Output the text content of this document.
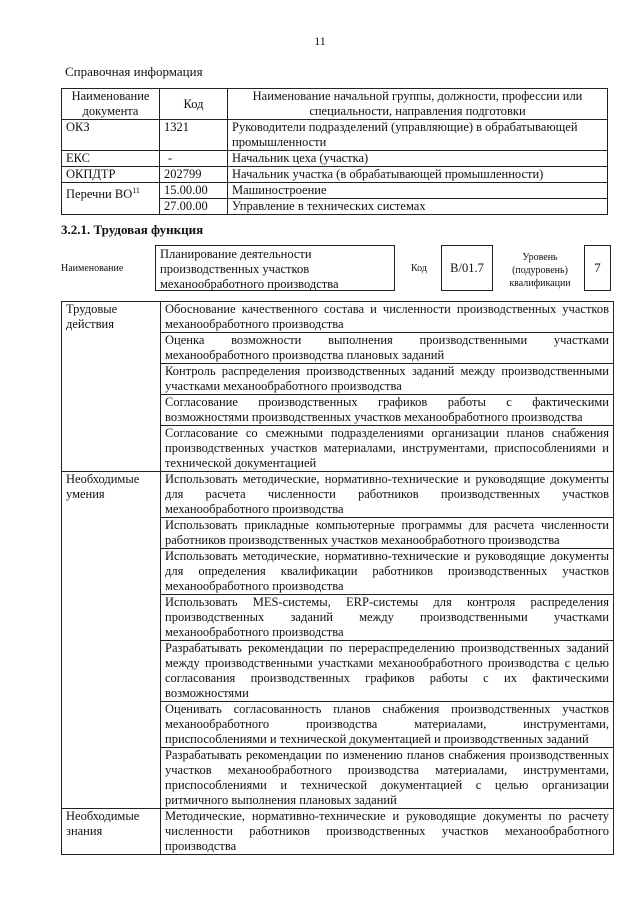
11
Справочная информация
Наименование документа	Код	Наименование начальной группы, должности, профессии или специальности, направления подготовки
ОКЗ	1321	Руководители подразделений (управляющие) в обрабатывающей промышленности
ЕКС	-	Начальник цеха (участка)
ОКПДТР	202799	Начальник участка (в обрабатывающей промышленности)
Перечни ВО$^{11}$	15.00.00	Машиностроение
	27.00.00	Управление в технических системах
3.2.1. Трудовая функция
Наименование
Планирование деятельности производственных участков механообработного производства
Код	В/01.7
Уровень (подуровень) квалификации
7
Трудовые действия	Обоснование качественного состава и численности производственных участков механообработного производства
	Оценка возможности выполнения производственными участками механообработного производства плановых заданий
	Контроль распределения производственных заданий между производственными участками механообработного производства
	Согласование производственных графиков работы с фактическими возможностями производственных участков механообработного производства
	Согласование со смежными подразделениями организации планов снабжения производственных участков материалами, инструментами, приспособлениями и технической документацией
Необходимые умения	Использовать методические, нормативно-технические и руководящие документы для расчета численности работников производственных участков механообработного производства
	Использовать прикладные компьютерные программы для расчета численности работников производственных участков механообработного производства
	Использовать методические, нормативно-технические и руководящие документы для определения квалификации работников производственных участков механообработного производства
	Использовать MES-системы, ERP-системы для контроля распределения производственных заданий между производственными участками механообработного производства
	Разрабатывать рекомендации по перераспределению производственных заданий между производственными участками механообработного производства с целью согласования производственных графиков работы с их фактическими возможностями
	Оценивать согласованность планов снабжения производственных участков механообработного производства материалами, инструментами, приспособлениями и технической документацией и производственных заданий
	Разрабатывать рекомендации по изменению планов снабжения производственных участков механообработного производства материалами, инструментами, приспособлениями и технической документацией с целью организации ритмичного выполнения плановых заданий
Необходимые знания	Методические, нормативно-технические и руководящие документы по расчету численности работников производственных участков механообработного производства
